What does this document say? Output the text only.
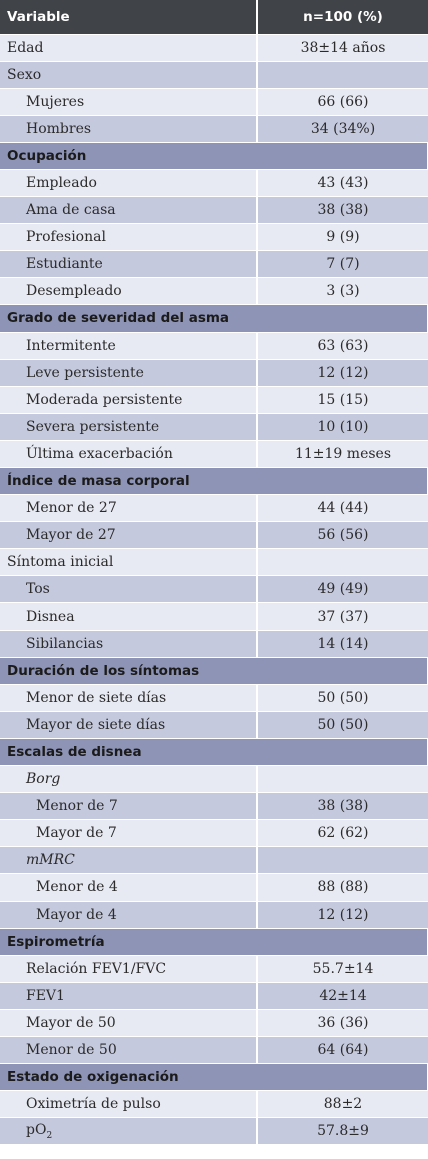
Variable	n=100 (%)
Edad	38±14 años
Sexo	
Mujeres	66 (66)
Hombres	34 (34%)
Ocupación	
Empleado	43 (43)
Ama de casa	38 (38)
Profesional	9 (9)
Estudiante	7 (7)
Desempleado	3 (3)
Grado de severidad del asma	
Intermitente	63 (63)
Leve persistente	12 (12)
Moderada persistente	15 (15)
Severa persistente	10 (10)
Última exacerbación	11±19 meses
Índice de masa corporal	
Menor de 27	44 (44)
Mayor de 27	56 (56)
Síntoma inicial	
Tos	49 (49)
Disnea	37 (37)
Sibilancias	14 (14)
Duración de los síntomas	
Menor de siete días	50 (50)
Mayor de siete días	50 (50)
Escalas de disnea	
Borg	
Menor de 7	38 (38)
Mayor de 7	62 (62)
mMRC	
Menor de 4	88 (88)
Mayor de 4	12 (12)
Espirometría	
Relación FEV1/FVC	55.7±14
FEV1	42±14
Mayor de 50	36 (36)
Menor de 50	64 (64)
Estado de oxigenación	
Oximetría de pulso	88±2
$pO_2$	57.8±9
